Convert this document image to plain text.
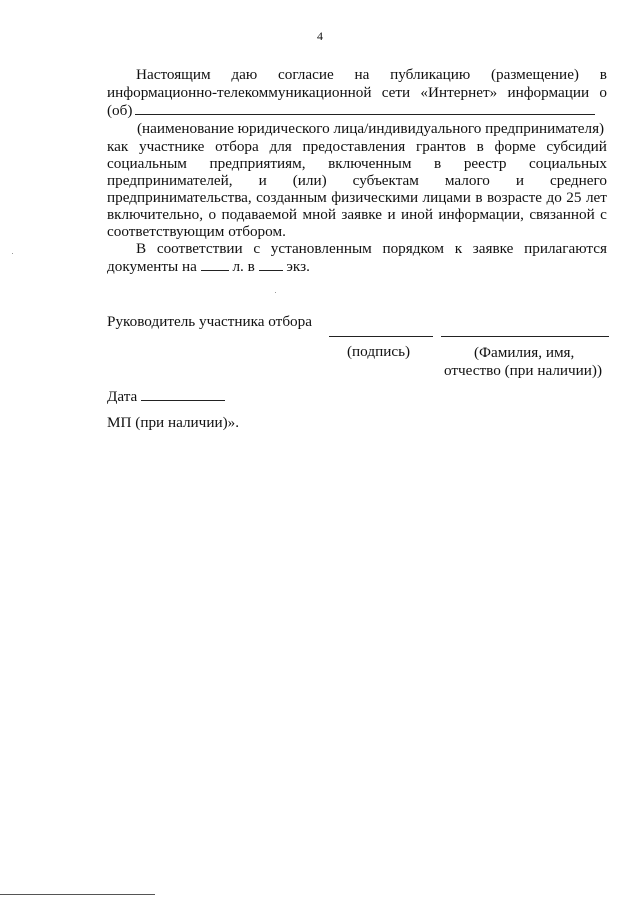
4
Настоящим даю согласие на публикацию (размещение) в
информационно-телекоммуникационной сети «Интернет» информации о
(об)
(наименование юридического лица/индивидуального предпринимателя)
как участнике отбора для предоставления грантов в форме субсидий
социальным предприятиям, включенным в реестр социальных
предпринимателей, и (или) субъектам малого и среднего
предпринимательства, созданным физическими лицами в возрасте до 25 лет
включительно, о подаваемой мной заявке и иной информации, связанной с
соответствующим отбором.
В соответствии с установленным порядком к заявке прилагаются
документы на л. в экз.
Руководитель участника отбора
(подпись)	(Фамилия, имя,
отчество (при наличии))
Дата
МП (при наличии)».
